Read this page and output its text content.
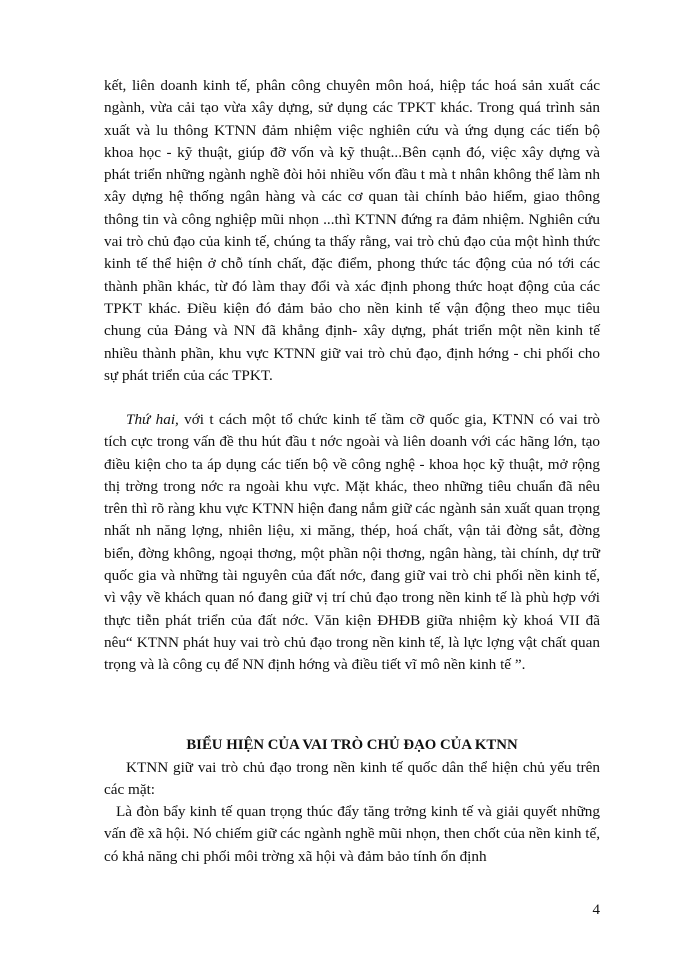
kết, liên doanh kinh tế, phân công chuyên môn hoá, hiệp tác hoá sản xuất các ngành, vừa cải tạo vừa xây dựng, sử dụng các TPKT khác. Trong quá trình sản xuất và lu thông KTNN đảm nhiệm việc nghiên cứu và ứng dụng các tiến bộ khoa học - kỹ thuật, giúp đỡ vốn và kỹ thuật...Bên cạnh đó, việc xây dựng và phát triển những ngành nghề đòi hỏi nhiều vốn đầu t mà t nhân không thể làm nh xây dựng hệ thống ngân hàng và các cơ quan tài chính bảo hiểm, giao thông thông tin và công nghiệp mũi nhọn ...thì KTNN đứng ra đảm nhiệm. Nghiên cứu vai trò chủ đạo của kinh tế, chúng ta thấy rằng, vai trò chủ đạo của một hình thức kinh tế thể hiện ở chỗ tính chất, đặc điểm, phong thức tác động của nó tới các thành phần khác, từ đó làm thay đổi và xác định phong thức hoạt động của các TPKT khác. Điều kiện đó đảm bảo cho nền kinh tế vận động theo mục tiêu chung của Đảng và NN đã khẳng định- xây dựng, phát triển một nền kinh tế nhiều thành phần, khu vực KTNN giữ vai trò chủ đạo, định hớng - chi phối cho sự phát triển của các TPKT.

Thứ hai, với t cách một tổ chức kinh tế tầm cỡ quốc gia, KTNN có vai trò tích cực trong vấn đề thu hút đầu t nớc ngoài và liên doanh với các hãng lớn, tạo điều kiện cho ta áp dụng các tiến bộ về công nghệ - khoa học kỹ thuật, mở rộng thị trờng trong nớc ra ngoài khu vực. Mặt khác, theo những tiêu chuẩn đã nêu trên thì rõ ràng khu vực KTNN hiện đang nắm giữ các ngành sản xuất quan trọng nhất nh năng lợng, nhiên liệu, xi măng, thép, hoá chất, vận tải đờng sắt, đờng biển, đờng không, ngoại thơng, một phần nội thơng, ngân hàng, tài chính, dự trữ quốc gia và những tài nguyên của đất nớc, đang giữ vai trò chi phối nền kinh tế, vì vậy về khách quan nó đang giữ vị trí chủ đạo trong nền kinh tế là phù hợp với thực tiễn phát triển của đất nớc. Văn kiện ĐHĐB giữa nhiệm kỳ khoá VII đã nêu“ KTNN phát huy vai trò chủ đạo trong nền kinh tế, là lực lợng vật chất quan trọng và là công cụ để NN định hớng và điều tiết vĩ mô nền kinh tế ”.

BIỂU HIỆN CỦA VAI TRÒ CHỦ ĐẠO CỦA KTNN

KTNN giữ vai trò chủ đạo trong nền kinh tế quốc dân thể hiện chủ yếu trên các mặt:

Là đòn bẩy kinh tế quan trọng thúc đẩy tăng trởng kinh tế và giải quyết những vấn đề xã hội. Nó chiếm giữ các ngành nghề mũi nhọn, then chốt của nền kinh tế, có khả năng chi phối môi trờng xã hội và đảm bảo tính ổn định

4
